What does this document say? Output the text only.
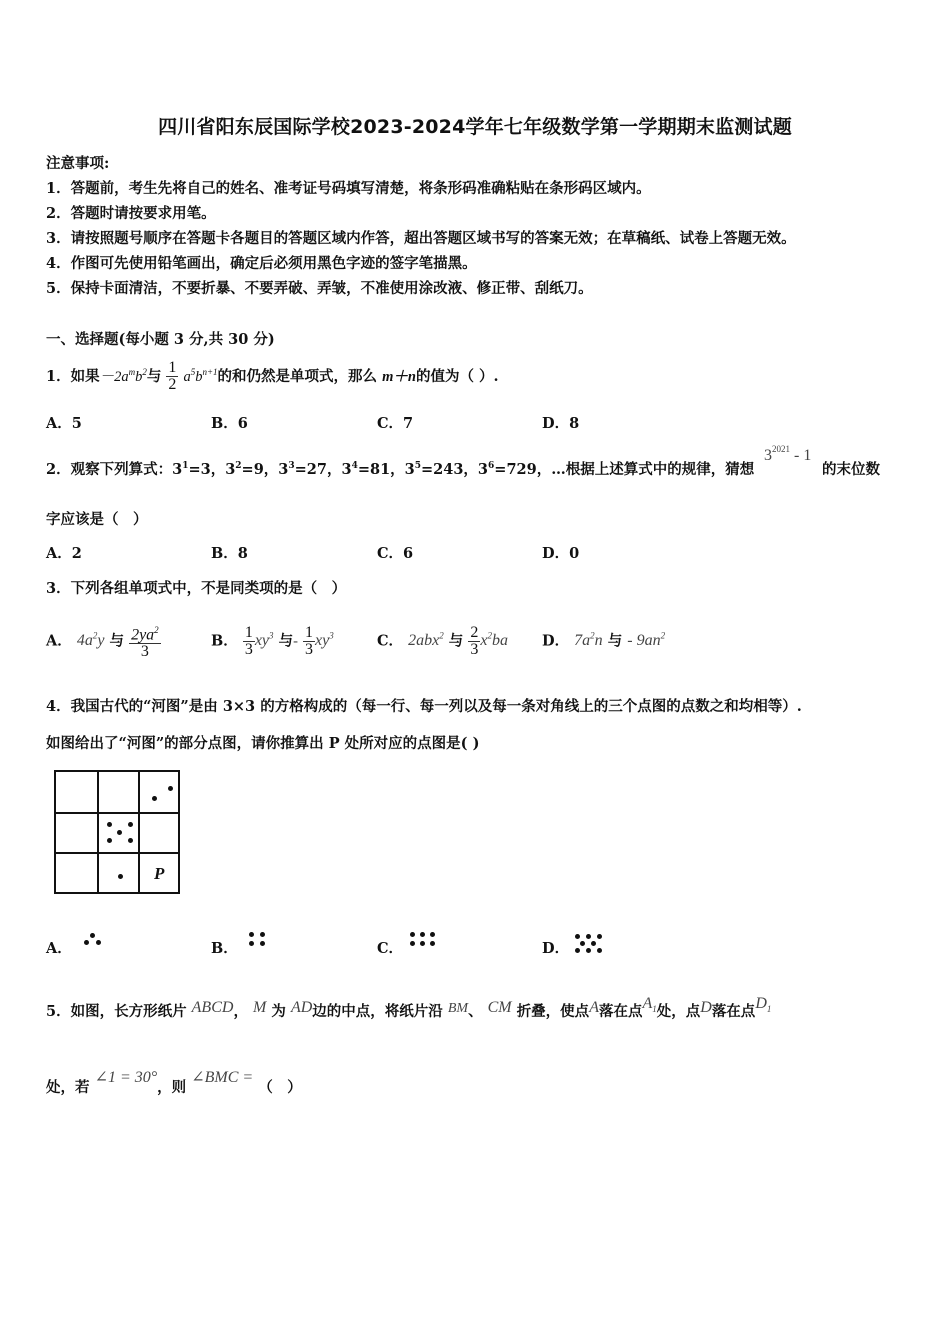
四川省阳东辰国际学校2023-2024学年七年级数学第一学期期末监测试题
注意事项:
1．答题前，考生先将自己的姓名、准考证号码填写清楚，将条形码准确粘贴在条形码区域内。
2．答题时请按要求用笔。
3．请按照题号顺序在答题卡各题目的答题区域内作答，超出答题区域书写的答案无效；在草稿纸、试卷上答题无效。
4．作图可先使用铅笔画出，确定后必须用黑色字迹的签字笔描黑。
5．保持卡面清洁，不要折暴、不要弄破、弄皱，不准使用涂改液、修正带、刮纸刀。
一、选择题(每小题 3 分,共 30 分)
1．如果$-2a^mb^2$与 $\frac{1}{2} a^5b^{n+1}$的和仍然是单项式，那么 m＋n的值为（ ）.
A．5	B．6	C．7	D．8
2．观察下列算式：$3^1=3$，$3^2=9$，$3^3=27$，$3^4=81$，$3^5=243$，$3^6=729$，…根据上述算式中的规律，猜想
$3^{2021} - 1$
的末位数
字应该是（　）
A．2	B．8	C．6	D．0
3．下列各组单项式中，不是同类项的是（　）
A． $4a^2y$ 与 $\frac{2ya^2}{3}$	B． $\frac{1}{3} xy^3$ 与- $\frac{1}{3} xy^3$	C． 2abx$^2$ 与 $\frac{2}{3} x^2ba$ D． $7a^2n$ 与 - $9an^2$
4．我国古代的“河图”是由 3×3 的方格构成的（每一行、每一列以及每一条对角线上的三个点图的点数之和均相等）.
如图给出了“河图”的部分点图，请你推算出 P 处所对应的点图是( )
P
A．	B．	C．	D．
5．如图，长方形纸片 ABCD， M 为 AD边的中点，将纸片沿 BM、 CM 折叠，使点A落在点$A_1$处，点D落在点$D_1$
处，若 ∠1 = 30°，则 ∠BMC = （　）
